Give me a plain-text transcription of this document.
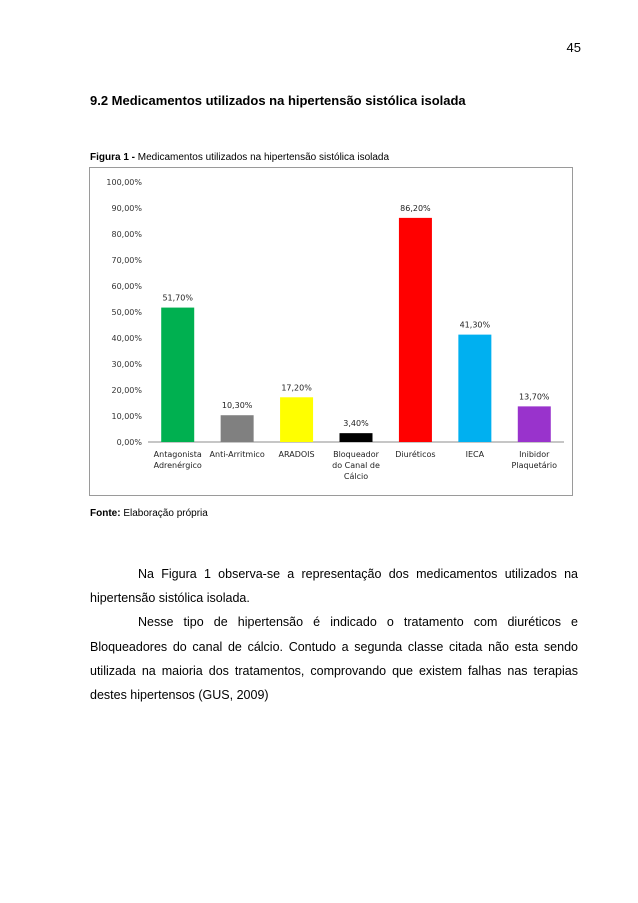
45
9.2 Medicamentos utilizados na hipertensão sistólica isolada
Figura 1 - Medicamentos utilizados na hipertensão sistólica isolada
0,00%
10,00%
20,00%
30,00%
40,00%
50,00%
60,00%
70,00%
80,00%
90,00%
100,00%
51,70%
Antagonista
Adrenérgico
10,30%
Anti-Arritmico
17,20%
ARADOIS
3,40%
Bloqueador
do Canal de
Cálcio
86,20%
Diuréticos
41,30%
IECA
13,70%
Inibidor
Plaquetário
Fonte: Elaboração própria

Na Figura 1 observa-se a representação dos medicamentos utilizados na hipertensão sistólica isolada.

Nesse tipo de hipertensão é indicado o tratamento com diuréticos e Bloqueadores do canal de cálcio. Contudo a segunda classe citada não esta sendo utilizada na maioria dos tratamentos, comprovando que existem falhas nas terapias destes hipertensos (GUS, 2009)
